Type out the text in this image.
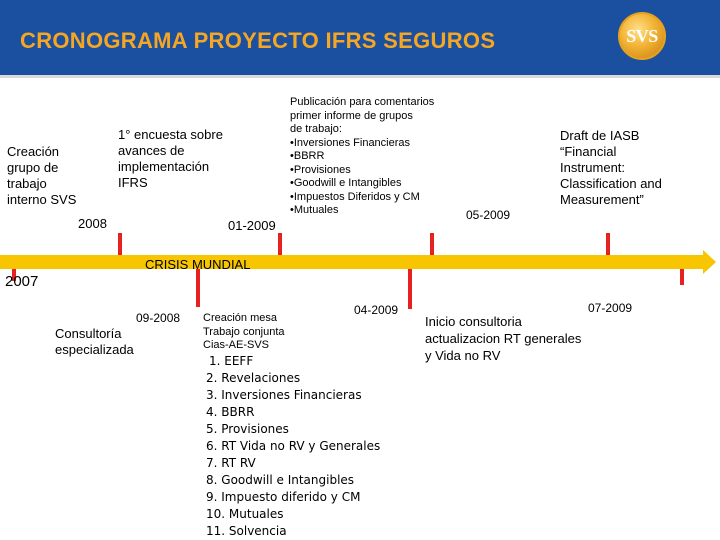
CRONOGRAMA PROYECTO IFRS SEGUROS	SVS
Creación
grupo de
trabajo
interno SVS
2008
1° encuesta sobre
avances de
implementación
IFRS
01-2009
Publicación para comentarios
primer informe de grupos
de trabajo:
•Inversiones Financieras
•BBRR
•Provisiones
•Goodwill e Intangibles
•Impuestos Diferidos y CM
•Mutuales	05-2009
Draft de IASB
“Financial
Instrument:
Classification and
Measurement”
CRISIS MUNDIAL
2007
09-2008
Consultoría
especializada
Creación mesa
Trabajo conjunta
Cias-AE-SVS
04-2009
1. EEFF
2. Revelaciones
3. Inversiones Financieras
4. BBRR
5. Provisiones
6. RT Vida no RV y Generales
7. RT RV
8. Goodwill e Intangibles
9. Impuesto diferido y CM
10. Mutuales
11. Solvencia
07-2009
Inicio consultoria
actualizacion RT generales
y Vida no RV
